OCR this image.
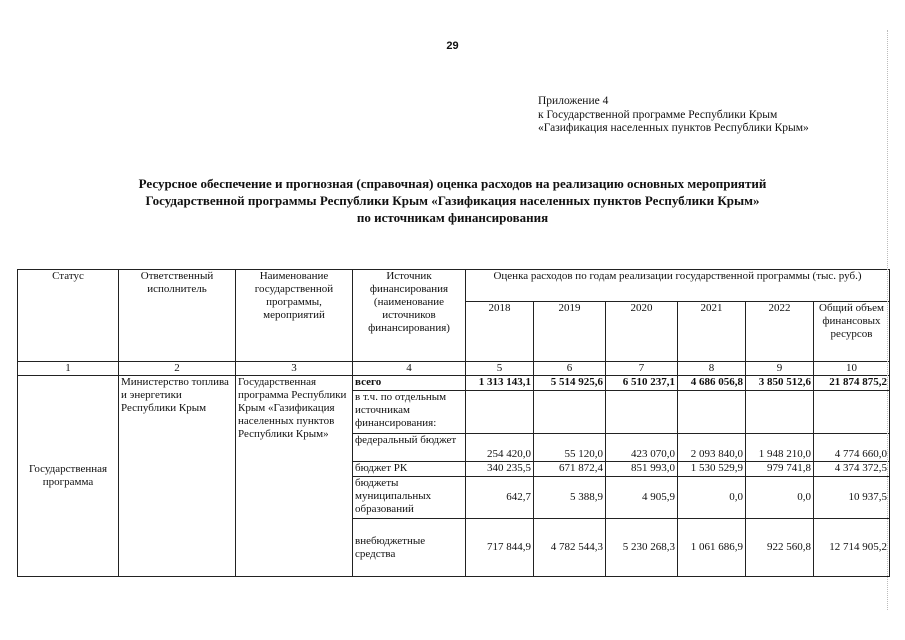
29
Приложение 4
к Государственной программе Республики Крым
«Газификация населенных пунктов Республики Крым»
Ресурсное обеспечение и прогнозная (справочная) оценка расходов на реализацию основных мероприятий
Государственной программы Республики Крым «Газификация населенных пунктов Республики Крым»
по источникам финансирования
Статус	Ответственный исполнитель	Наименование государственной программы, мероприятий	Источник финансирования (наименование источников финансирования)	Оценка расходов по годам реализации государственной программы (тыс. руб.)					
				2018	2019	2020	2021	2022	Общий объем финансовых ресурсов
1	2	3	4	5	6	7	8	9	10
Государственная программа	Министерство топлива и энергетики Республики Крым	Государственная программа Республики Крым «Газификация населенных пунктов Республики Крым»	всего	1 313 143,1	5 514 925,6	6 510 237,1	4 686 056,8	3 850 512,6	21 874 875,2
			в т.ч. по отдельным источникам финансирования:						
			федеральный бюджет	254 420,0	55 120,0	423 070,0	2 093 840,0	1 948 210,0	4 774 660,0
			бюджет РК	340 235,5	671 872,4	851 993,0	1 530 529,9	979 741,8	4 374 372,5
			бюджеты муниципальных образований	642,7	5 388,9	4 905,9	0,0	0,0	10 937,5
			внебюджетные средства	717 844,9	4 782 544,3	5 230 268,3	1 061 686,9	922 560,8	12 714 905,2
